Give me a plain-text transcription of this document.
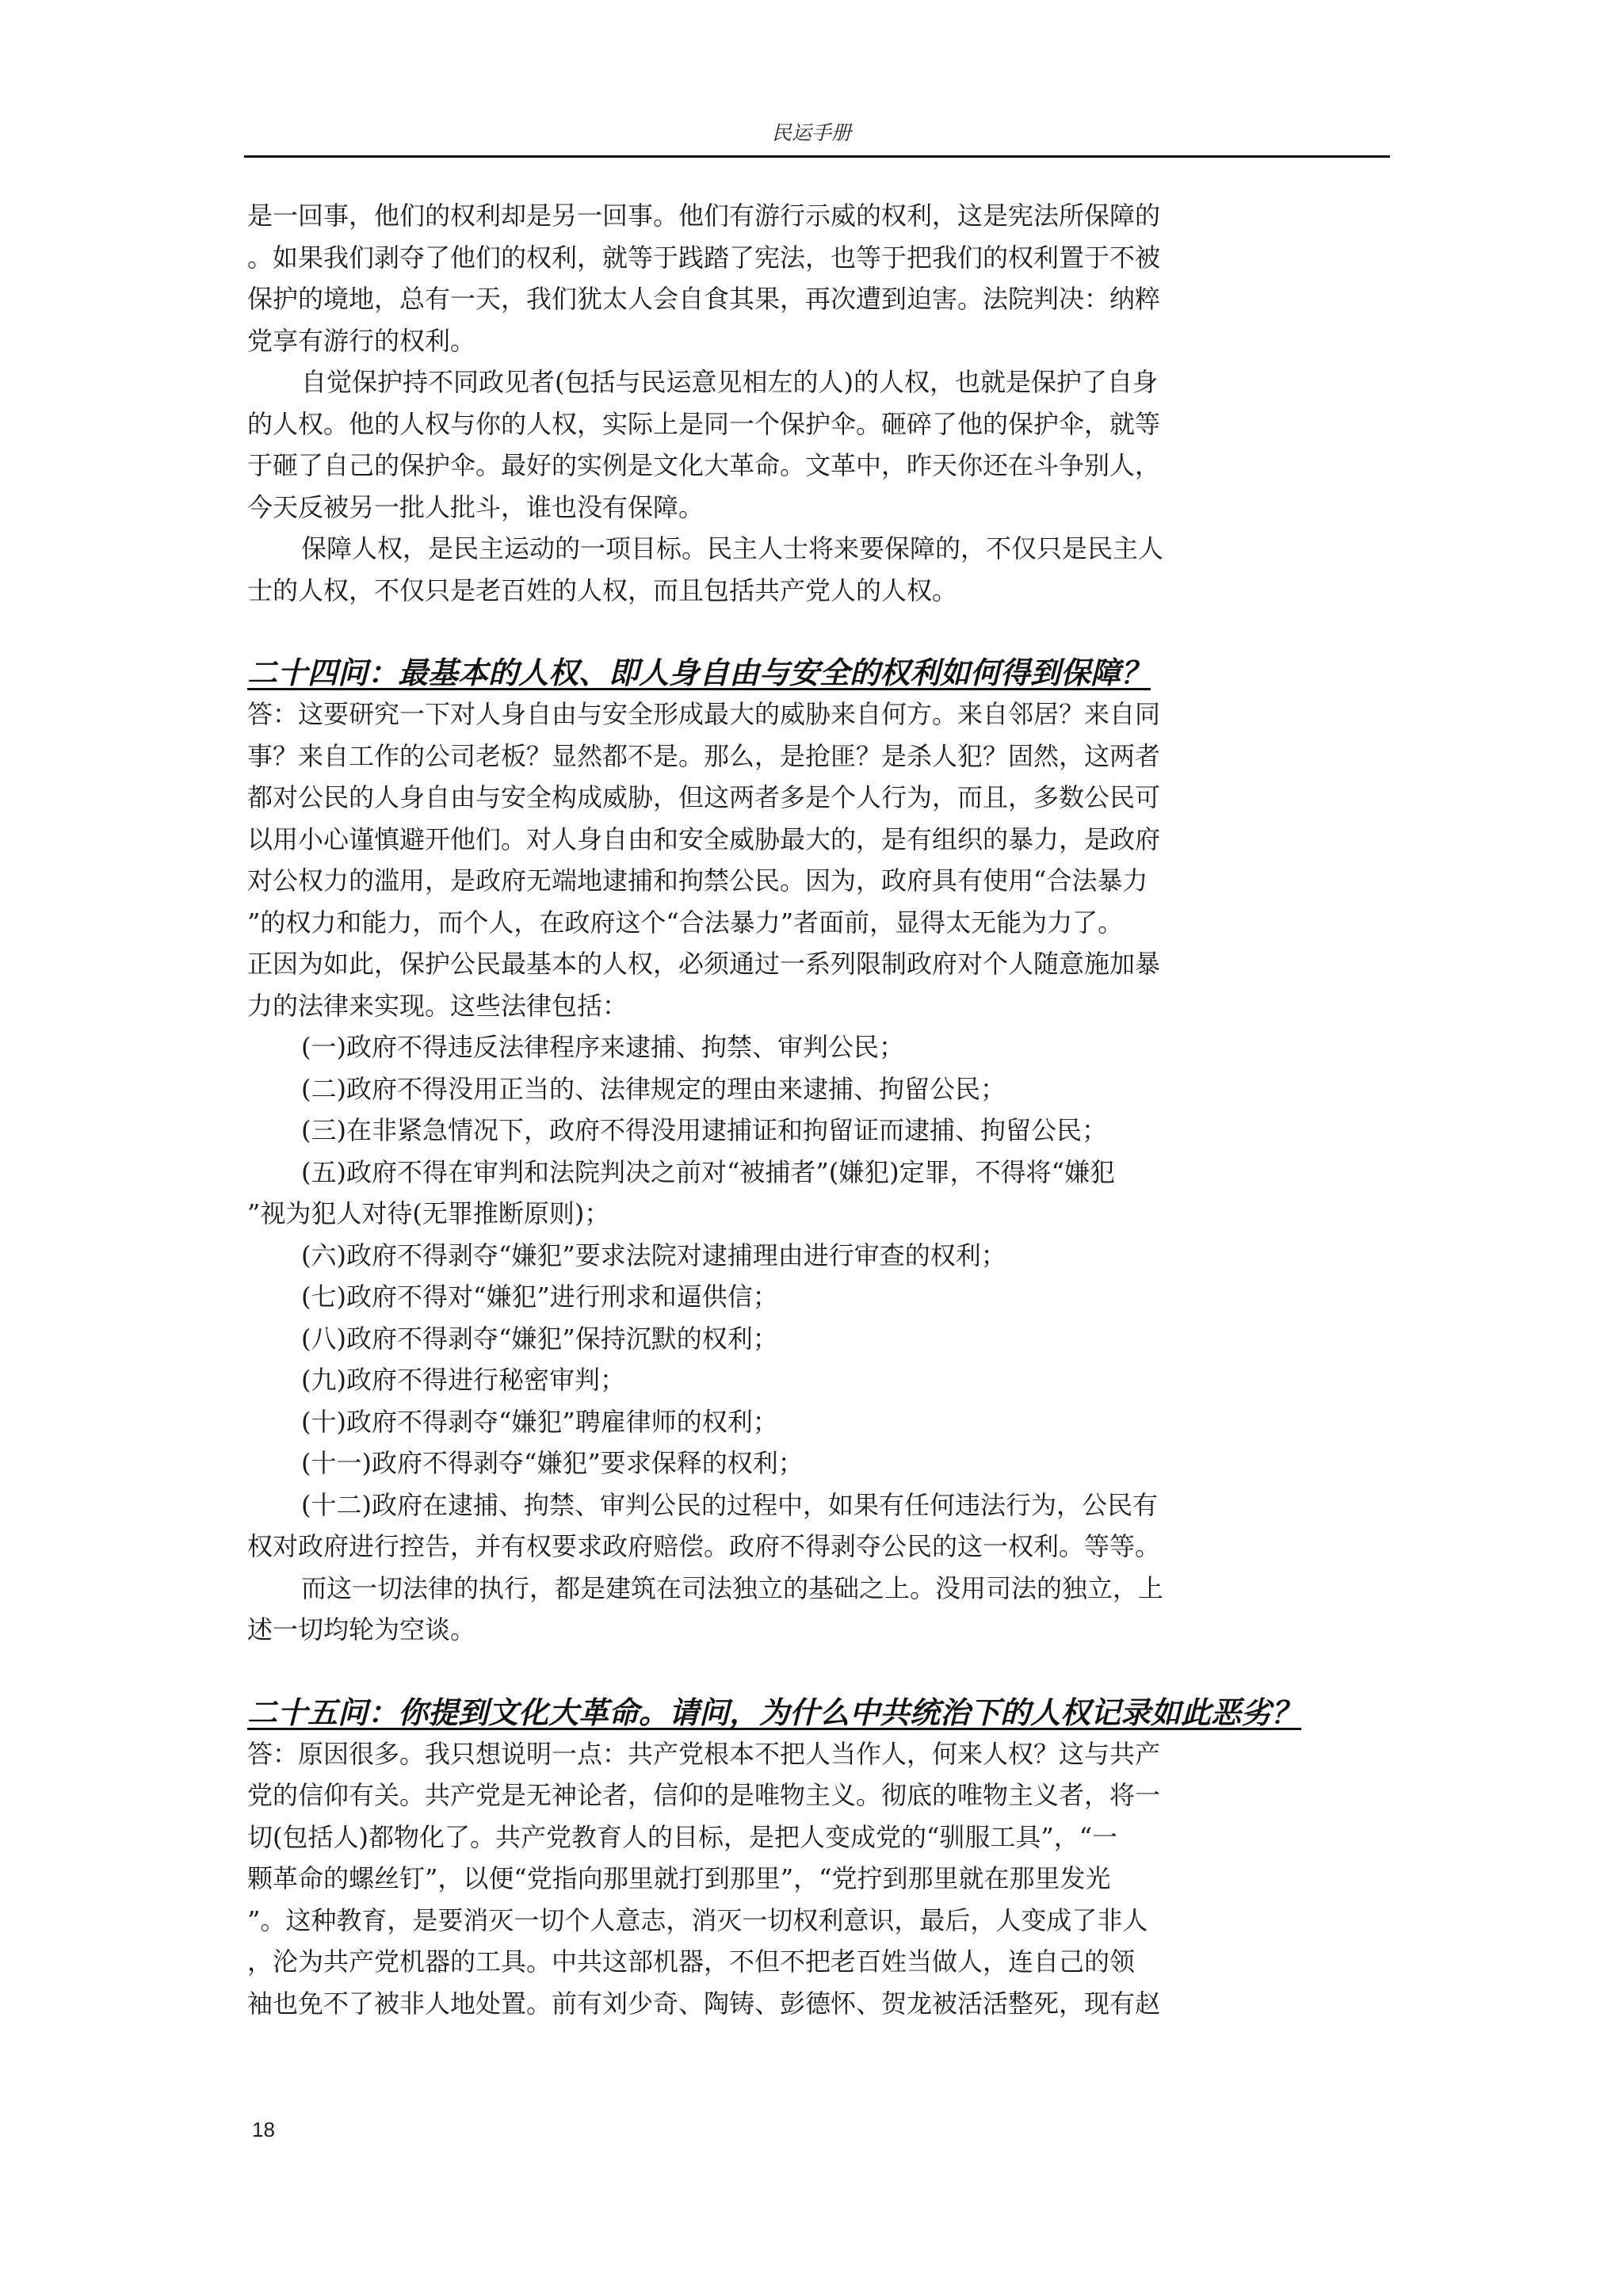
民运手册
是一回事，他们的权利却是另一回事。他们有游行示威的权利，这是宪法所保障的
。如果我们剥夺了他们的权利，就等于践踏了宪法，也等于把我们的权利置于不被
保护的境地，总有一天，我们犹太人会自食其果，再次遭到迫害。法院判决：纳粹
党享有游行的权利。
自觉保护持不同政见者(包括与民运意见相左的人)的人权，也就是保护了自身
的人权。他的人权与你的人权，实际上是同一个保护伞。砸碎了他的保护伞，就等
于砸了自己的保护伞。最好的实例是文化大革命。文革中，昨天你还在斗争别人，
今天反被另一批人批斗，谁也没有保障。
保障人权，是民主运动的一项目标。民主人士将来要保障的，不仅只是民主人
士的人权，不仅只是老百姓的人权，而且包括共产党人的人权。
二十四问：最基本的人权、即人身自由与安全的权利如何得到保障？
答：这要研究一下对人身自由与安全形成最大的威胁来自何方。来自邻居？来自同
事？来自工作的公司老板？显然都不是。那么，是抢匪？是杀人犯？固然，这两者
都对公民的人身自由与安全构成威胁，但这两者多是个人行为，而且，多数公民可
以用小心谨慎避开他们。对人身自由和安全威胁最大的，是有组织的暴力，是政府
对公权力的滥用，是政府无端地逮捕和拘禁公民。因为，政府具有使用“合法暴力
”的权力和能力，而个人，在政府这个“合法暴力”者面前，显得太无能为力了。
正因为如此，保护公民最基本的人权，必须通过一系列限制政府对个人随意施加暴
力的法律来实现。这些法律包括：
(一)政府不得违反法律程序来逮捕、拘禁、审判公民；
(二)政府不得没用正当的、法律规定的理由来逮捕、拘留公民；
(三)在非紧急情况下，政府不得没用逮捕证和拘留证而逮捕、拘留公民；
(五)政府不得在审判和法院判决之前对“被捕者”(嫌犯)定罪，不得将“嫌犯
”视为犯人对待(无罪推断原则)；
(六)政府不得剥夺“嫌犯”要求法院对逮捕理由进行审查的权利；
(七)政府不得对“嫌犯”进行刑求和逼供信；
(八)政府不得剥夺“嫌犯”保持沉默的权利；
(九)政府不得进行秘密审判；
(十)政府不得剥夺“嫌犯”聘雇律师的权利；
(十一)政府不得剥夺“嫌犯”要求保释的权利；
(十二)政府在逮捕、拘禁、审判公民的过程中，如果有任何违法行为，公民有
权对政府进行控告，并有权要求政府赔偿。政府不得剥夺公民的这一权利。等等。
而这一切法律的执行，都是建筑在司法独立的基础之上。没用司法的独立，上
述一切均轮为空谈。
二十五问：你提到文化大革命。请问，为什么中共统治下的人权记录如此恶劣？
答：原因很多。我只想说明一点：共产党根本不把人当作人，何来人权？这与共产
党的信仰有关。共产党是无神论者，信仰的是唯物主义。彻底的唯物主义者，将一
切(包括人)都物化了。共产党教育人的目标，是把人变成党的“驯服工具”，“一
颗革命的螺丝钉”，以便“党指向那里就打到那里”，“党拧到那里就在那里发光
”。这种教育，是要消灭一切个人意志，消灭一切权利意识，最后，人变成了非人
，沦为共产党机器的工具。中共这部机器，不但不把老百姓当做人，连自己的领
袖也免不了被非人地处置。前有刘少奇、陶铸、彭德怀、贺龙被活活整死，现有赵
18
